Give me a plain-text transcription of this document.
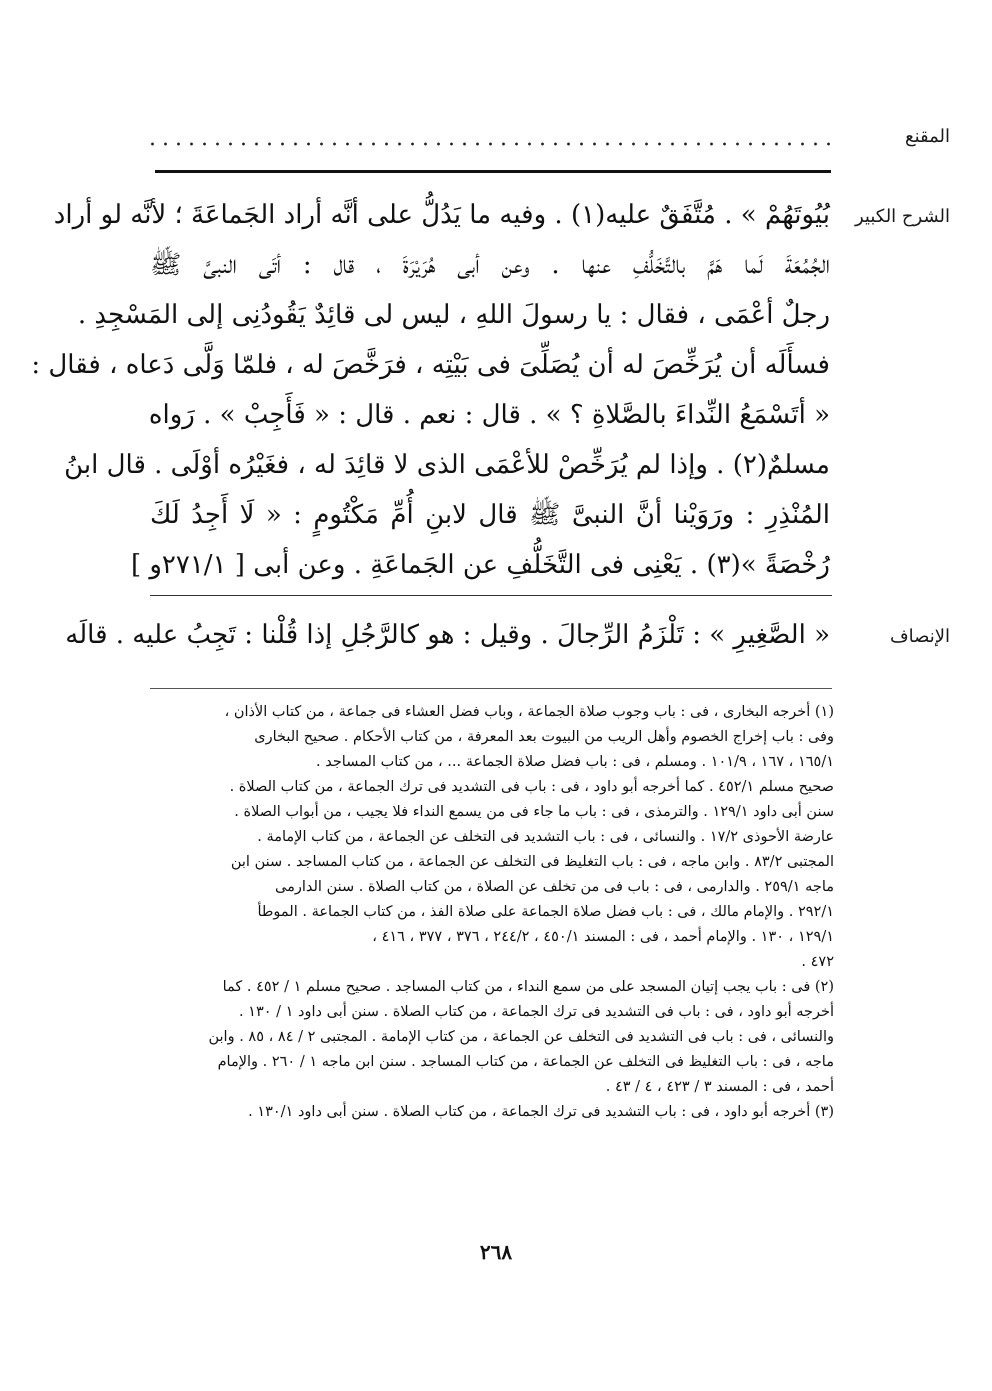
المقنع
الشرح الكبير
بُيُوتَهُمْ » . مُتَّفَقٌ عليه(١) . وفيه ما يَدُلُّ على أنَّه أراد الجَماعَةَ ؛ لأنَّه لو أراد
الجُمُعَةَ لَما هَمَّ بالتَّخَلُّفِ عنها . وعن أبى هُرَيْرَةَ ، قال : أتَى النبىَّ ﷺ
رجلٌ أعْمَى ، فقال : يا رسولَ اللهِ ، ليس لى قائِدٌ يَقُودُنِى إلى المَسْجِدِ .
فسأَلَه أن يُرَخِّصَ له أن يُصَلِّىَ فى بَيْتِه ، فرَخَّصَ له ، فلمّا وَلَّى دَعاه ، فقال :
« أتَسْمَعُ النِّداءَ بالصَّلاةِ ؟ » . قال : نعم . قال : « فَأَجِبْ » . رَواه
مسلمٌ(٢) . وإذا لم يُرَخِّصْ للأعْمَى الذى لا قائِدَ له ، فغَيْرُه أوْلَى . قال ابنُ
المُنْذِرِ : ورَوَيْنا أنَّ النبىَّ ﷺ قال لابنِ أُمِّ مَكْتُومٍ : « لَا أَجِدُ لَكَ
رُخْصَةً »(٣) . يَعْنِى فى التَّخَلُّفِ عن الجَماعَةِ . وعن أبى [ ٢٧١/١و ]
الإنصاف
« الصَّغِيرِ » : تَلْزَمُ الرِّجالَ . وقيل : هو كالرَّجُلِ إذا قُلْنا : تَجِبُ عليه . قالَه
(١) أخرجه البخارى ، فى : باب وجوب صلاة الجماعة ، وباب فضل العشاء فى جماعة ، من كتاب الأذان ،
وفى : باب إخراج الخصوم وأهل الريب من البيوت بعد المعرفة ، من كتاب الأحكام . صحيح البخارى
١٦٥/١ ، ١٦٧ ، ١٠١/٩ . ومسلم ، فى : باب فضل صلاة الجماعة ... ، من كتاب المساجد .
صحيح مسلم ٤٥٢/١ . كما أخرجه أبو داود ، فى : باب فى التشديد فى ترك الجماعة ، من كتاب الصلاة .
سنن أبى داود ١٢٩/١ . والترمذى ، فى : باب ما جاء فى من يسمع النداء فلا يجيب ، من أبواب الصلاة .
عارضة الأحوذى ١٧/٢ . والنسائى ، فى : باب التشديد فى التخلف عن الجماعة ، من كتاب الإمامة .
المجتبى ٨٣/٢ . وابن ماجه ، فى : باب التغليظ فى التخلف عن الجماعة ، من كتاب المساجد . سنن ابن
ماجه ٢٥٩/١ . والدارمى ، فى : باب فى من تخلف عن الصلاة ، من كتاب الصلاة . سنن الدارمى
٢٩٢/١ . والإمام مالك ، فى : باب فضل صلاة الجماعة على صلاة الفذ ، من كتاب الجماعة . الموطأ
١٢٩/١ ، ١٣٠ . والإمام أحمد ، فى : المسند ٤٥٠/١ ، ٢٤٤/٢ ، ٣٧٦ ، ٣٧٧ ، ٤١٦ ،
٤٧٢ .
(٢) فى : باب يجب إتيان المسجد على من سمع النداء ، من كتاب المساجد . صحيح مسلم ١ / ٤٥٢ . كما
أخرجه أبو داود ، فى : باب فى التشديد فى ترك الجماعة ، من كتاب الصلاة . سنن أبى داود ١ / ١٣٠ .
والنسائى ، فى : باب فى التشديد فى التخلف عن الجماعة ، من كتاب الإمامة . المجتبى ٢ / ٨٤ ، ٨٥ . وابن
ماجه ، فى : باب التغليظ فى التخلف عن الجماعة ، من كتاب المساجد . سنن ابن ماجه ١ / ٢٦٠ . والإمام
أحمد ، فى : المسند ٣ / ٤٢٣ ، ٤ / ٤٣ .
(٣) أخرجه أبو داود ، فى : باب التشديد فى ترك الجماعة ، من كتاب الصلاة . سنن أبى داود ١٣٠/١ .
٢٦٨
